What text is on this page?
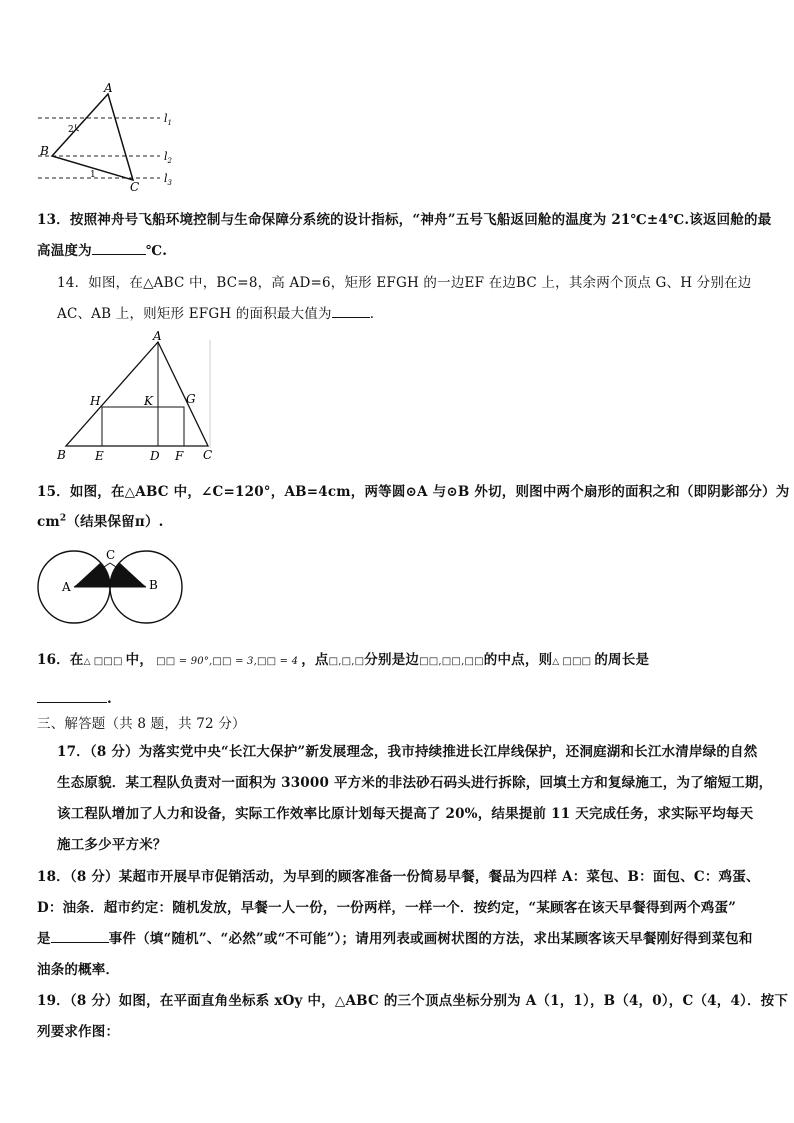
A
B
C
2
1
$l_1$
$l_2$
$l_3$
13．按照神舟号飞船环境控制与生命保障分系统的设计指标，“神舟”五号飞船返回舱的温度为 21℃±4℃.该返回舱的最
高温度为	℃.
14．如图，在△ABC 中，BC=8，高 AD=6，矩形 EFGH 的一边EF 在边BC 上，其余两个顶点 G、H 分别在边
AC、AB 上，则矩形 EFGH 的面积最大值为	.
A
H	K	G
B E	D F C
15．如图，在△ABC 中，∠C=120°，AB=4cm，两等圆⊙A 与⊙B 外切，则图中两个扇形的面积之和（即阴影部分）为
$cm^2$（结果保留π）.
A	B
C
16．在△ □□□ 中， □□ = 90°,□□ = 3,□□ = 4 ，点□,□,□分别是边□□,□□,□□的中点，则△ □□□ 的周长是
.
三、解答题（共 8 题，共 72 分）
17．（8 分）为落实党中央“长江大保护”新发展理念，我市持续推进长江岸线保护，还洞庭湖和长江水清岸绿的自然
生态原貌．某工程队负责对一面积为 33000 平方米的非法砂石码头进行拆除，回填土方和复绿施工，为了缩短工期，
该工程队增加了人力和设备，实际工作效率比原计划每天提高了 20%，结果提前 11 天完成任务，求实际平均每天
施工多少平方米？
18．（8 分）某超市开展早市促销活动，为早到的顾客准备一份简易早餐，餐品为四样 A：菜包、B：面包、C：鸡蛋、
D：油条．超市约定：随机发放，早餐一人一份，一份两样，一样一个．按约定，“某顾客在该天早餐得到两个鸡蛋”
是	事件（填“随机”、“必然”或“不可能”）；请用列表或画树状图的方法，求出某顾客该天早餐刚好得到菜包和
油条的概率．
19．（8 分）如图，在平面直角坐标系 xOy 中，△ABC 的三个顶点坐标分别为 A（1，1），B（4，0），C（4，4）．按下
列要求作图：
